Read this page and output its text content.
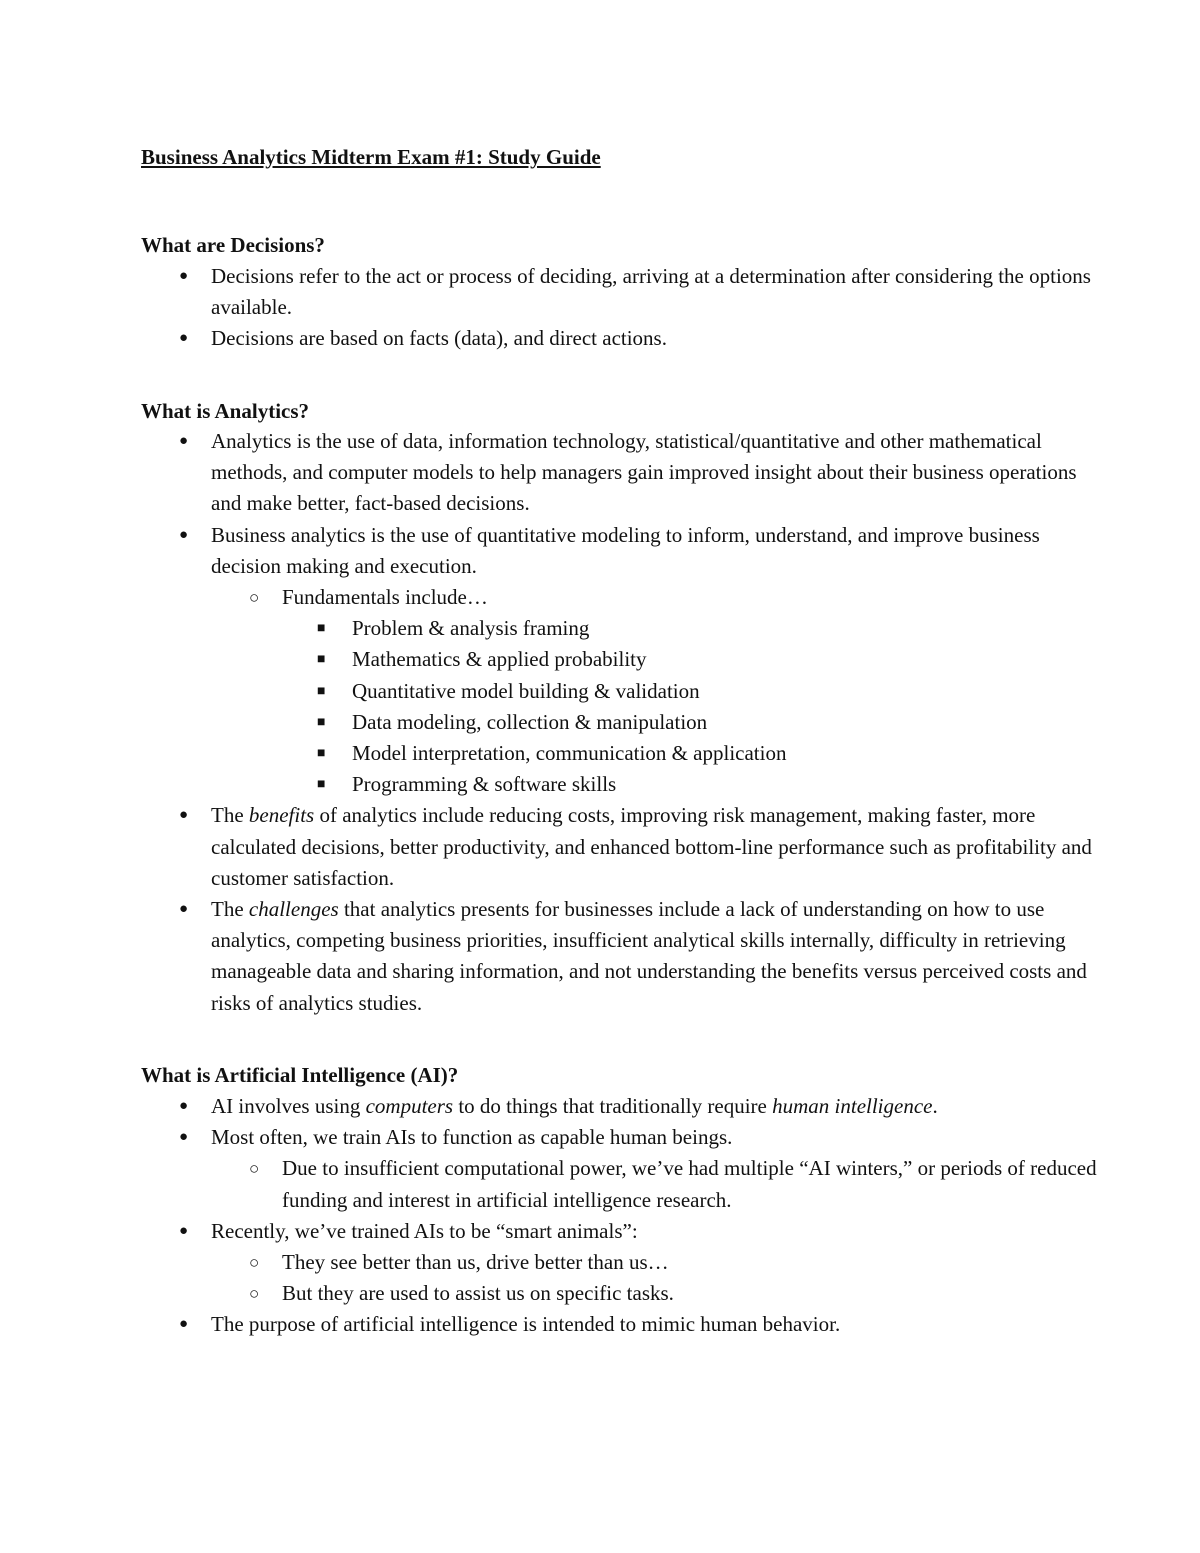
Business Analytics Midterm Exam #1: Study Guide
What are Decisions?
● Decisions refer to the act or process of deciding, arriving at a determination after considering the options available.
● Decisions are based on facts (data), and direct actions.
What is Analytics?
● Analytics is the use of data, information technology, statistical/quantitative and other mathematical methods, and computer models to help managers gain improved insight about their business operations and make better, fact-based decisions.
● Business analytics is the use of quantitative modeling to inform, understand, and improve business decision making and execution.
○ Fundamentals include…
■ Problem & analysis framing
■ Mathematics & applied probability
■ Quantitative model building & validation
■ Data modeling, collection & manipulation
■ Model interpretation, communication & application
■ Programming & software skills
● The benefits of analytics include reducing costs, improving risk management, making faster, more calculated decisions, better productivity, and enhanced bottom-line performance such as profitability and customer satisfaction.
● The challenges that analytics presents for businesses include a lack of understanding on how to use analytics, competing business priorities, insufficient analytical skills internally, difficulty in retrieving manageable data and sharing information, and not understanding the benefits versus perceived costs and risks of analytics studies.
What is Artificial Intelligence (AI)?
● AI involves using computers to do things that traditionally require human intelligence.
● Most often, we train AIs to function as capable human beings.
○ Due to insufficient computational power, we’ve had multiple “AI winters,” or periods of reduced funding and interest in artificial intelligence research.
● Recently, we’ve trained AIs to be “smart animals”:
○ They see better than us, drive better than us…
○ But they are used to assist us on specific tasks.
● The purpose of artificial intelligence is intended to mimic human behavior.
